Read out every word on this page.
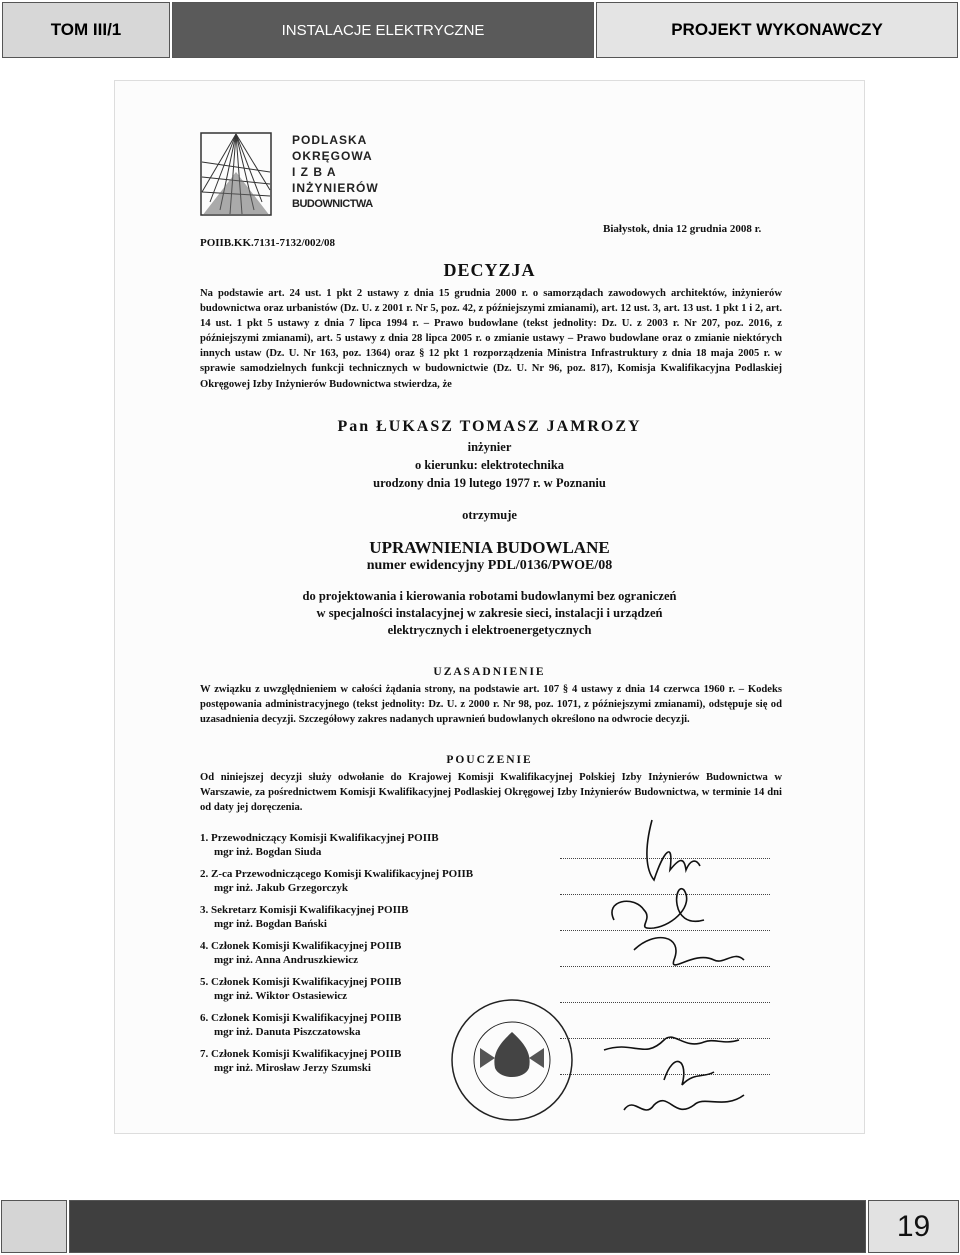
TOM III/1	INSTALACJE ELEKTRYCZNE	PROJEKT WYKONAWCZY
PODLASKA
OKRĘGOWA
I Z B A
INŻYNIERÓW
BUDOWNICTWA
Białystok, dnia 12 grudnia 2008 r.
POIIB.KK.7131-7132/002/08
DECYZJA
Na podstawie art. 24 ust. 1 pkt 2 ustawy z dnia 15 grudnia 2000 r. o samorządach zawodowych architektów, inżynierów budownictwa oraz urbanistów (Dz. U. z 2001 r. Nr 5, poz. 42, z późniejszymi zmianami), art. 12 ust. 3, art. 13 ust. 1 pkt 1 i 2, art. 14 ust. 1 pkt 5 ustawy z dnia 7 lipca 1994 r. – Prawo budowlane (tekst jednolity: Dz. U. z 2003 r. Nr 207, poz. 2016, z późniejszymi zmianami), art. 5 ustawy z dnia 28 lipca 2005 r. o zmianie ustawy – Prawo budowlane oraz o zmianie niektórych innych ustaw (Dz. U. Nr 163, poz. 1364) oraz § 12 pkt 1 rozporządzenia Ministra Infrastruktury z dnia 18 maja 2005 r. w sprawie samodzielnych funkcji technicznych w budownictwie (Dz. U. Nr 96, poz. 817), Komisja Kwalifikacyjna Podlaskiej Okręgowej Izby Inżynierów Budownictwa stwierdza, że
Pan ŁUKASZ TOMASZ JAMROZY
inżynier
o kierunku: elektrotechnika
urodzony dnia 19 lutego 1977 r. w Poznaniu
otrzymuje
UPRAWNIENIA BUDOWLANE
numer ewidencyjny PDL/0136/PWOE/08
do projektowania i kierowania robotami budowlanymi bez ograniczeń
w specjalności instalacyjnej w zakresie sieci, instalacji i urządzeń
elektrycznych i elektroenergetycznych
UZASADNIENIE
W związku z uwzględnieniem w całości żądania strony, na podstawie art. 107 § 4 ustawy z dnia 14 czerwca 1960 r. – Kodeks postępowania administracyjnego (tekst jednolity: Dz. U. z 2000 r. Nr 98, poz. 1071, z późniejszymi zmianami), odstępuje się od uzasadnienia decyzji. Szczegółowy zakres nadanych uprawnień budowlanych określono na odwrocie decyzji.
POUCZENIE
Od niniejszej decyzji służy odwołanie do Krajowej Komisji Kwalifikacyjnej Polskiej Izby Inżynierów Budownictwa w Warszawie, za pośrednictwem Komisji Kwalifikacyjnej Podlaskiej Okręgowej Izby Inżynierów Budownictwa, w terminie 14 dni od daty jej doręczenia.
1. Przewodniczący Komisji Kwalifikacyjnej POIIB
mgr inż. Bogdan Siuda
2. Z-ca Przewodniczącego Komisji Kwalifikacyjnej POIIB
mgr inż. Jakub Grzegorczyk
3. Sekretarz Komisji Kwalifikacyjnej POIIB
mgr inż. Bogdan Bański
4. Członek Komisji Kwalifikacyjnej POIIB
mgr inż. Anna Andruszkiewicz
5. Członek Komisji Kwalifikacyjnej POIIB
mgr inż. Wiktor Ostasiewicz
6. Członek Komisji Kwalifikacyjnej POIIB
mgr inż. Danuta Piszczatowska
7. Członek Komisji Kwalifikacyjnej POIIB
mgr inż. Mirosław Jerzy Szumski
19
